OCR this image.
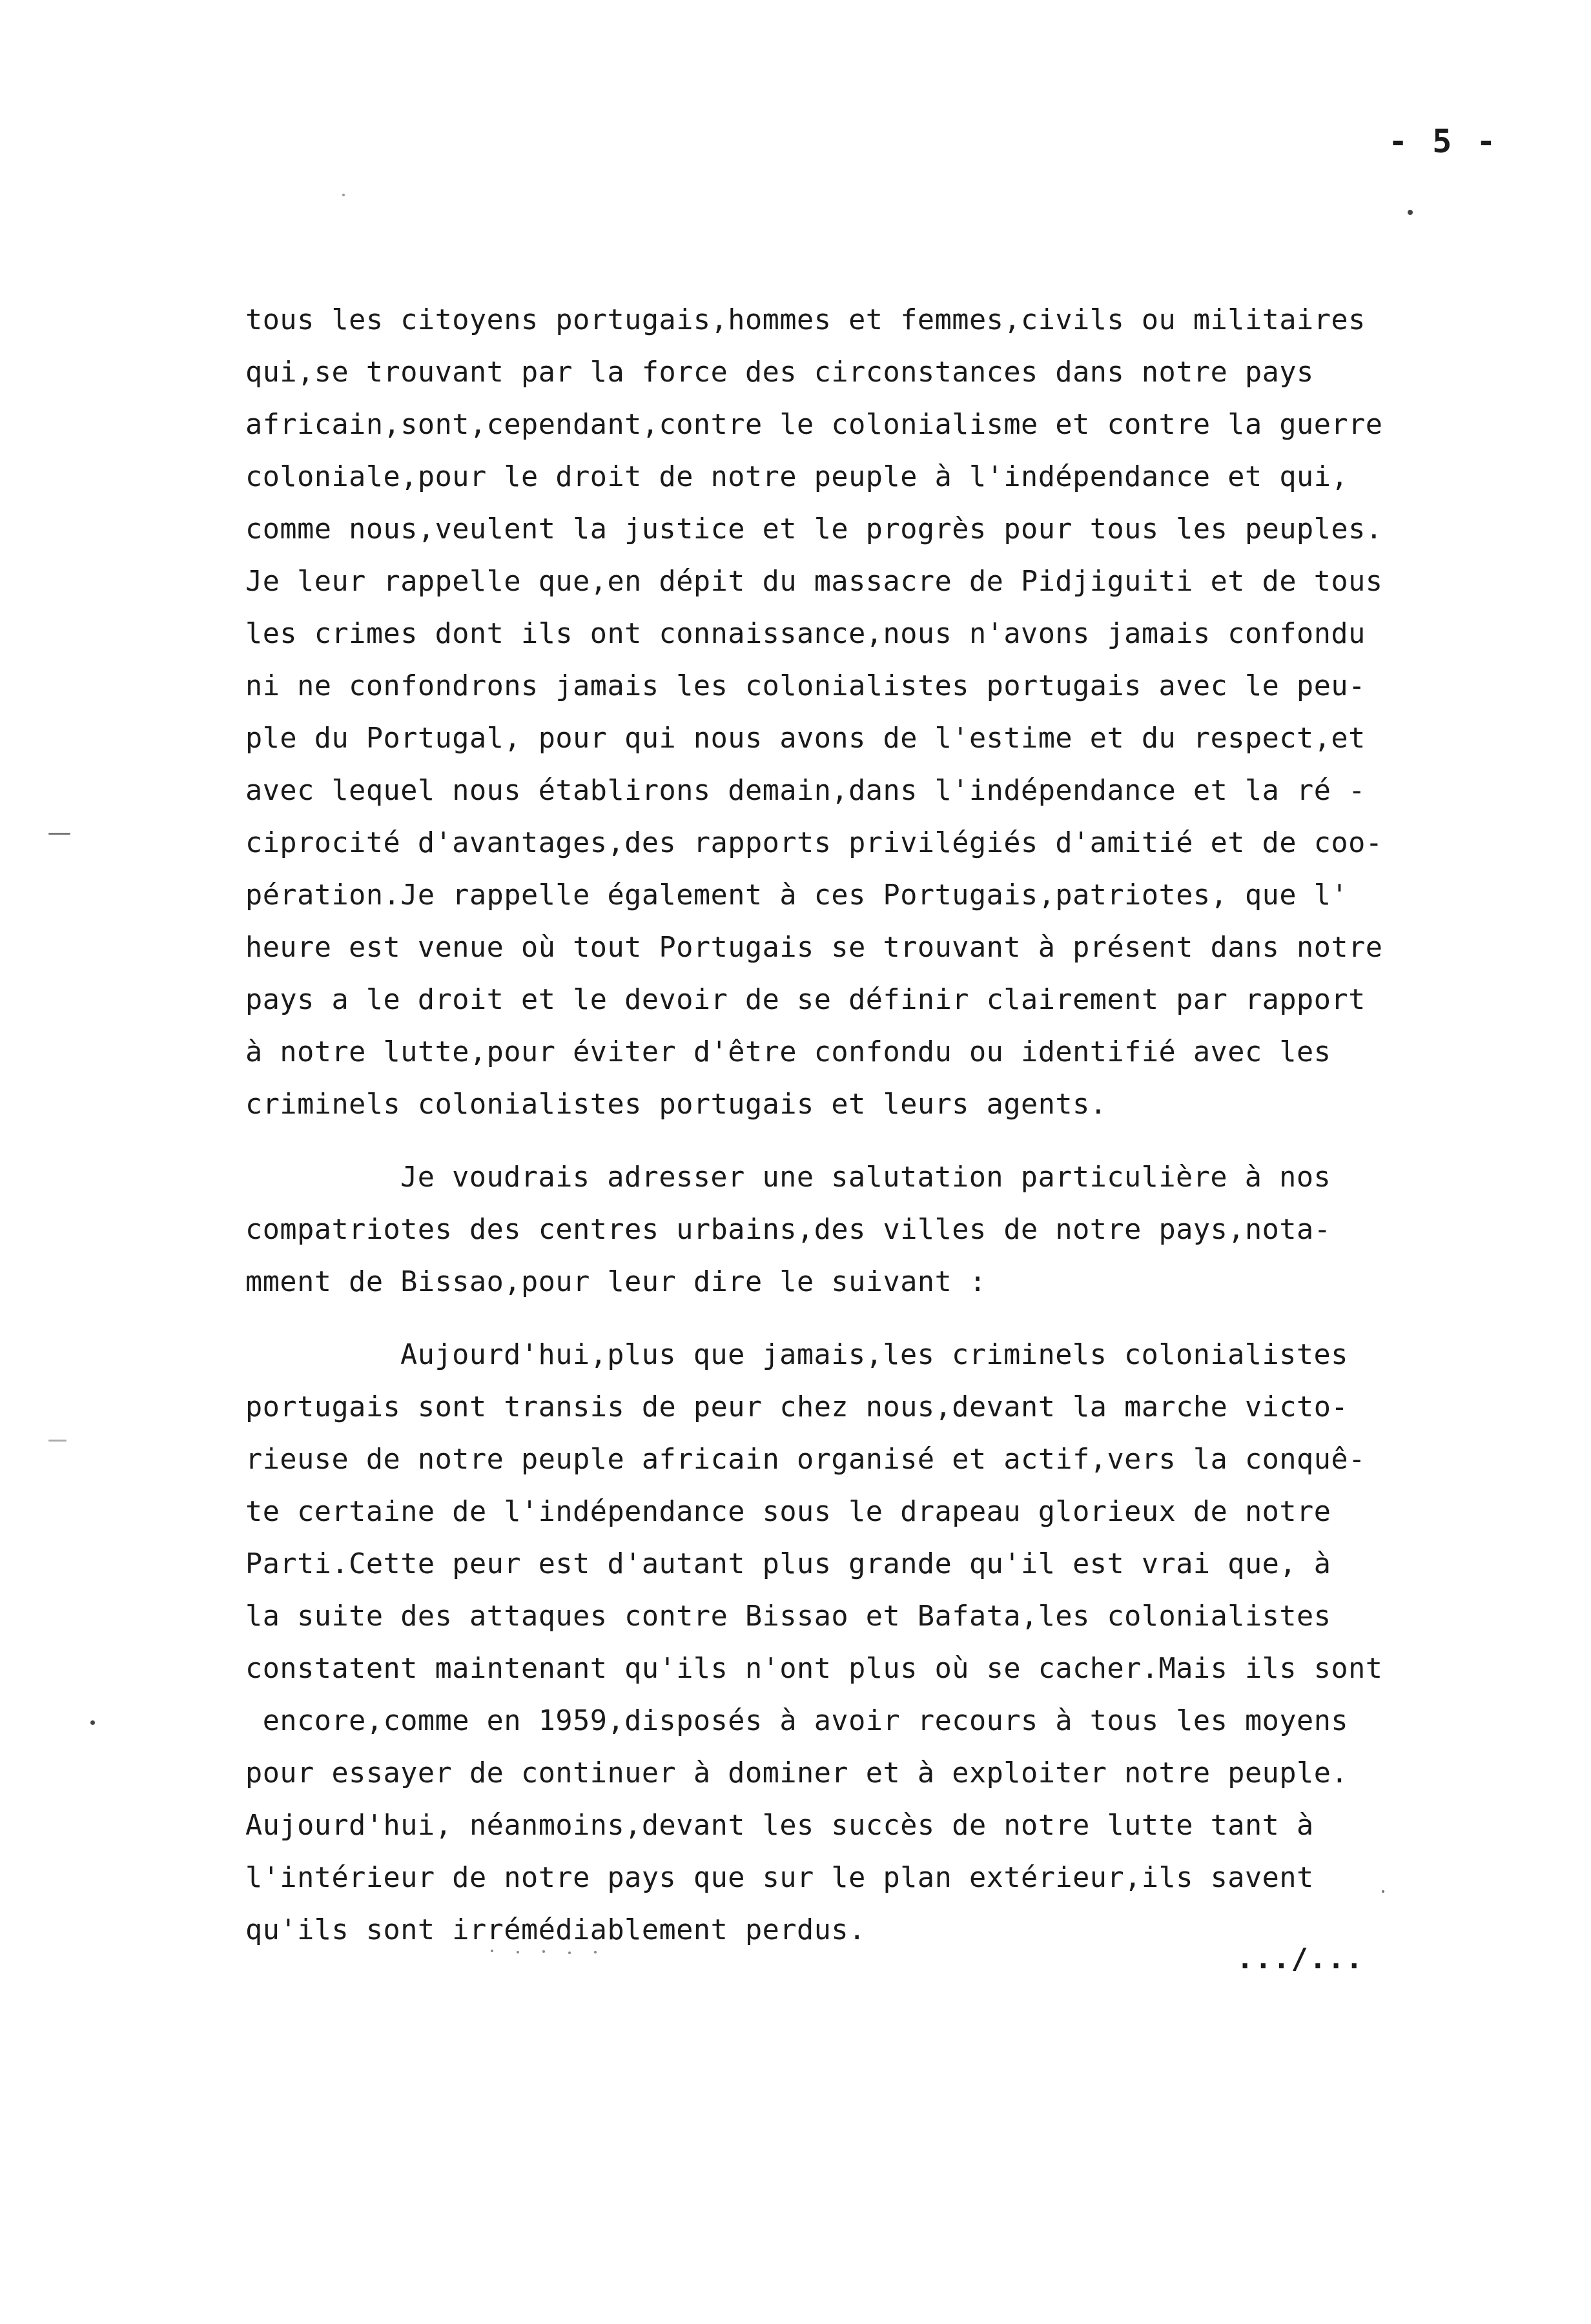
- 5 -
tous les citoyens portugais,hommes et femmes,civils ou militaires
qui,se trouvant par la force des circonstances dans notre pays
africain,sont,cependant,contre le colonialisme et contre la guerre
coloniale,pour le droit de notre peuple à l'indépendance et qui,
comme nous,veulent la justice et le progrès pour tous les peuples.
Je leur rappelle que,en dépit du massacre de Pidjiguiti et de tous
les crimes dont ils ont connaissance,nous n'avons jamais confondu
ni ne confondrons jamais les colonialistes portugais avec le peu-
ple du Portugal, pour qui nous avons de l'estime et du respect,et
avec lequel nous établirons demain,dans l'indépendance et la ré -
ciprocité d'avantages,des rapports privilégiés d'amitié et de coo-
pération.Je rappelle également à ces Portugais,patriotes, que l'
heure est venue où tout Portugais se trouvant à présent dans notre
pays a le droit et le devoir de se définir clairement par rapport
à notre lutte,pour éviter d'être confondu ou identifié avec les
criminels colonialistes portugais et leurs agents.
Je voudrais adresser une salutation particulière à nos
compatriotes des centres urbains,des villes de notre pays,nota-
mment de Bissao,pour leur dire le suivant :
Aujourd'hui,plus que jamais,les criminels colonialistes
portugais sont transis de peur chez nous,devant la marche victo-
rieuse de notre peuple africain organisé et actif,vers la conquê-
te certaine de l'indépendance sous le drapeau glorieux de notre
Parti.Cette peur est d'autant plus grande qu'il est vrai que, à
la suite des attaques contre Bissao et Bafata,les colonialistes
constatent maintenant qu'ils n'ont plus où se cacher.Mais ils sont
encore,comme en 1959,disposés à avoir recours à tous les moyens
pour essayer de continuer à dominer et à exploiter notre peuple.
Aujourd'hui, néanmoins,devant les succès de notre lutte tant à
l'intérieur de notre pays que sur le plan extérieur,ils savent
qu'ils sont irrémédiablement perdus.
.../...
